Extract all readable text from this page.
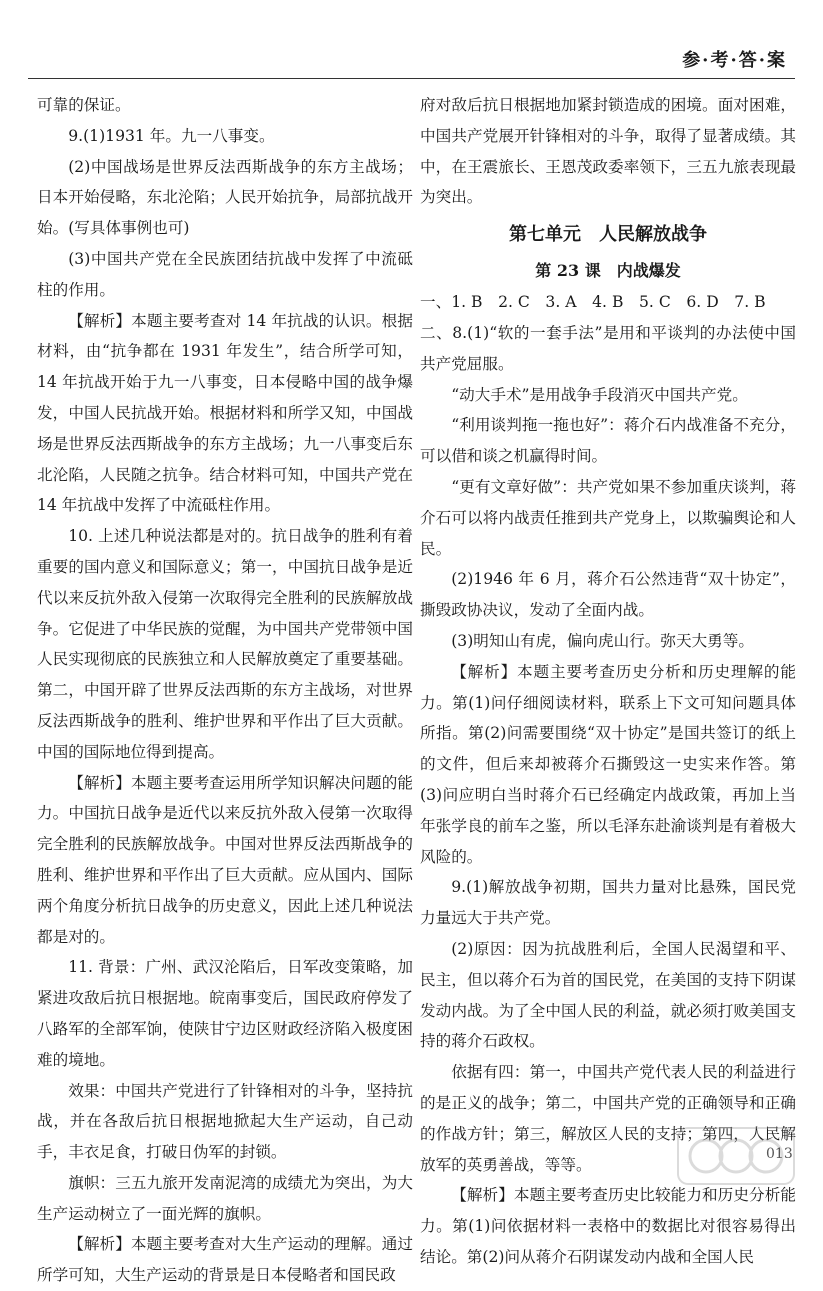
参·考·答·案

可靠的保证。

9.(1)1931 年。九一八事变。

(2)中国战场是世界反法西斯战争的东方主战场；日本开始侵略，东北沦陷；人民开始抗争，局部抗战开始。(写具体事例也可)

(3)中国共产党在全民族团结抗战中发挥了中流砥柱的作用。

【解析】本题主要考查对 14 年抗战的认识。根据材料，由“抗争都在 1931 年发生”，结合所学可知，14 年抗战开始于九一八事变，日本侵略中国的战争爆发，中国人民抗战开始。根据材料和所学又知，中国战场是世界反法西斯战争的东方主战场；九一八事变后东北沦陷，人民随之抗争。结合材料可知，中国共产党在 14 年抗战中发挥了中流砥柱作用。

10. 上述几种说法都是对的。抗日战争的胜利有着重要的国内意义和国际意义；第一，中国抗日战争是近代以来反抗外敌入侵第一次取得完全胜利的民族解放战争。它促进了中华民族的觉醒，为中国共产党带领中国人民实现彻底的民族独立和人民解放奠定了重要基础。第二，中国开辟了世界反法西斯的东方主战场，对世界反法西斯战争的胜利、维护世界和平作出了巨大贡献。中国的国际地位得到提高。

【解析】本题主要考查运用所学知识解决问题的能力。中国抗日战争是近代以来反抗外敌入侵第一次取得完全胜利的民族解放战争。中国对世界反法西斯战争的胜利、维护世界和平作出了巨大贡献。应从国内、国际两个角度分析抗日战争的历史意义，因此上述几种说法都是对的。

11. 背景：广州、武汉沦陷后，日军改变策略，加紧进攻敌后抗日根据地。皖南事变后，国民政府停发了八路军的全部军饷，使陕甘宁边区财政经济陷入极度困难的境地。

效果：中国共产党进行了针锋相对的斗争，坚持抗战，并在各敌后抗日根据地掀起大生产运动，自己动手，丰衣足食，打破日伪军的封锁。

旗帜：三五九旅开发南泥湾的成绩尤为突出，为大生产运动树立了一面光辉的旗帜。

【解析】本题主要考查对大生产运动的理解。通过所学可知，大生产运动的背景是日本侵略者和国民政

府对敌后抗日根据地加紧封锁造成的困境。面对困难，中国共产党展开针锋相对的斗争，取得了显著成绩。其中，在王震旅长、王恩茂政委率领下，三五九旅表现最为突出。

第七单元　人民解放战争
第 23 课　内战爆发

一、1. B　2. C　3. A　4. B　5. C　6. D　7. B

二、8.(1)“软的一套手法”是用和平谈判的办法使中国共产党屈服。

“动大手术”是用战争手段消灭中国共产党。

“利用谈判拖一拖也好”：蒋介石内战准备不充分，可以借和谈之机赢得时间。

“更有文章好做”：共产党如果不参加重庆谈判，蒋介石可以将内战责任推到共产党身上，以欺骗舆论和人民。

(2)1946 年 6 月，蒋介石公然违背“双十协定”，撕毁政协决议，发动了全面内战。

(3)明知山有虎，偏向虎山行。弥天大勇等。

【解析】本题主要考查历史分析和历史理解的能力。第(1)问仔细阅读材料，联系上下文可知问题具体所指。第(2)问需要围绕“双十协定”是国共签订的纸上的文件，但后来却被蒋介石撕毁这一史实来作答。第(3)问应明白当时蒋介石已经确定内战政策，再加上当年张学良的前车之鉴，所以毛泽东赴渝谈判是有着极大风险的。

9.(1)解放战争初期，国共力量对比悬殊，国民党力量远大于共产党。

(2)原因：因为抗战胜利后，全国人民渴望和平、民主，但以蒋介石为首的国民党，在美国的支持下阴谋发动内战。为了全中国人民的利益，就必须打败美国支持的蒋介石政权。

依据有四：第一，中国共产党代表人民的利益进行的是正义的战争；第二，中国共产党的正确领导和正确的作战方针；第三，解放区人民的支持；第四，人民解放军的英勇善战，等等。

【解析】本题主要考查历史比较能力和历史分析能力。第(1)问依据材料一表格中的数据比对很容易得出结论。第(2)问从蒋介石阴谋发动内战和全国人民

013
